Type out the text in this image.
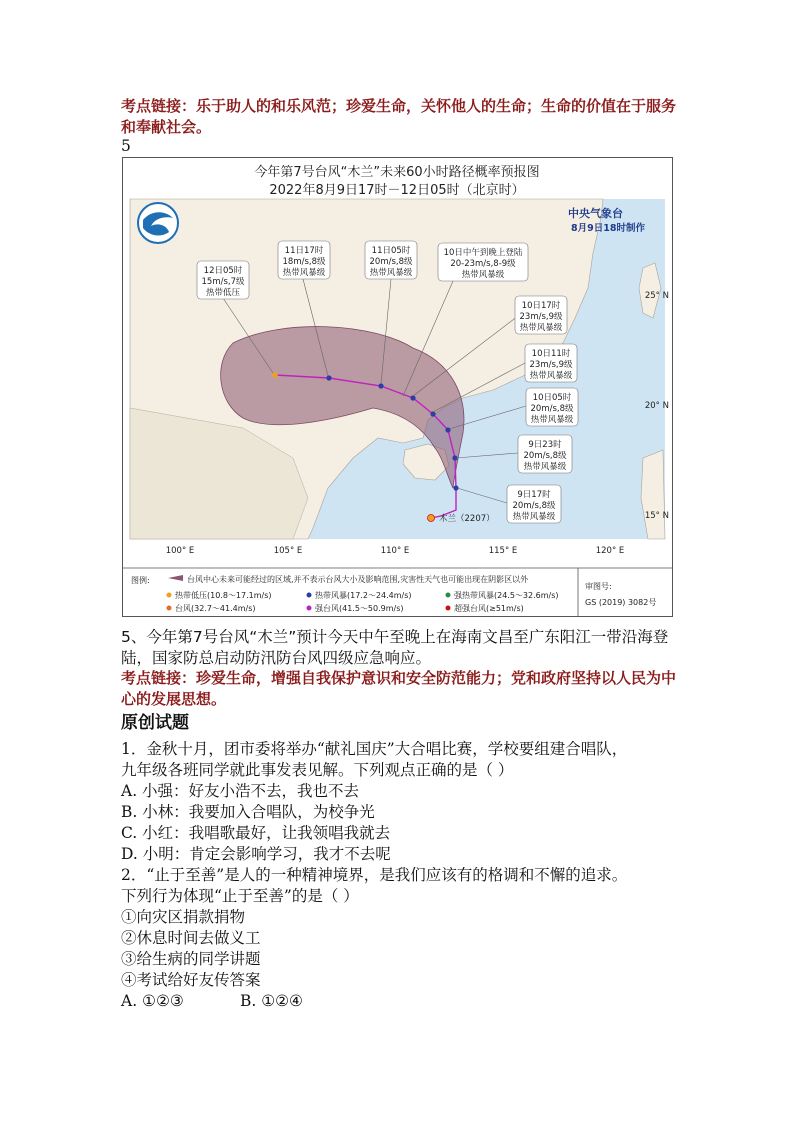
考点链接：乐于助人的和乐风范；珍爱生命，关怀他人的生命；生命的价值在于服务和奉献社会。
5
今年第7号台风“木兰”未来60小时路径概率预报图
2022年8月9日17时－12日05时（北京时）
木兰（2207）
中央气象台
8月9日18时制作
12日05时
15m/s,7级
热带低压
11日17时
18m/s,8级
热带风暴级
11日05时
20m/s,8级
热带风暴级
10日中午到晚上登陆
20-23m/s,8-9级
热带风暴级
10日17时
23m/s,9级
热带风暴级
10日11时
23m/s,9级
热带风暴级
10日05时
20m/s,8级
热带风暴级
9日23时
20m/s,8级
热带风暴级
9日17时
20m/s,8级
热带风暴级
100° E	105° E	110° E	115° E	120° E
25° N
20° N
15° N
图例:	台风中心未来可能经过的区域,并不表示台风大小及影响范围,灾害性天气也可能出现在阴影区以外
热带低压(10.8～17.1m/s)	热带风暴(17.2～24.4m/s)	强热带风暴(24.5～32.6m/s)
台风(32.7～41.4m/s)	强台风(41.5～50.9m/s)	超强台风(≥51m/s)
审图号:
GS (2019) 3082号
5、今年第7号台风“木兰”预计今天中午至晚上在海南文昌至广东阳江一带沿海登陆，国家防总启动防汛防台风四级应急响应。
考点链接：珍爱生命，增强自我保护意识和安全防范能力；党和政府坚持以人民为中心的发展思想。
原创试题
1．金秋十月，团市委将举办“献礼国庆”大合唱比赛，学校要组建合唱队，
九年级各班同学就此事发表见解。下列观点正确的是（ ）
A. 小强：好友小浩不去，我也不去
B. 小林：我要加入合唱队，为校争光
C. 小红：我唱歌最好，让我领唱我就去
D. 小明：肯定会影响学习，我才不去呢
2．“止于至善”是人的一种精神境界，是我们应该有的格调和不懈的追求。
下列行为体现“止于至善”的是（ ）
①向灾区捐款捐物
②休息时间去做义工
③给生病的同学讲题
④考试给好友传答案
A. ①②③	B. ①②④
